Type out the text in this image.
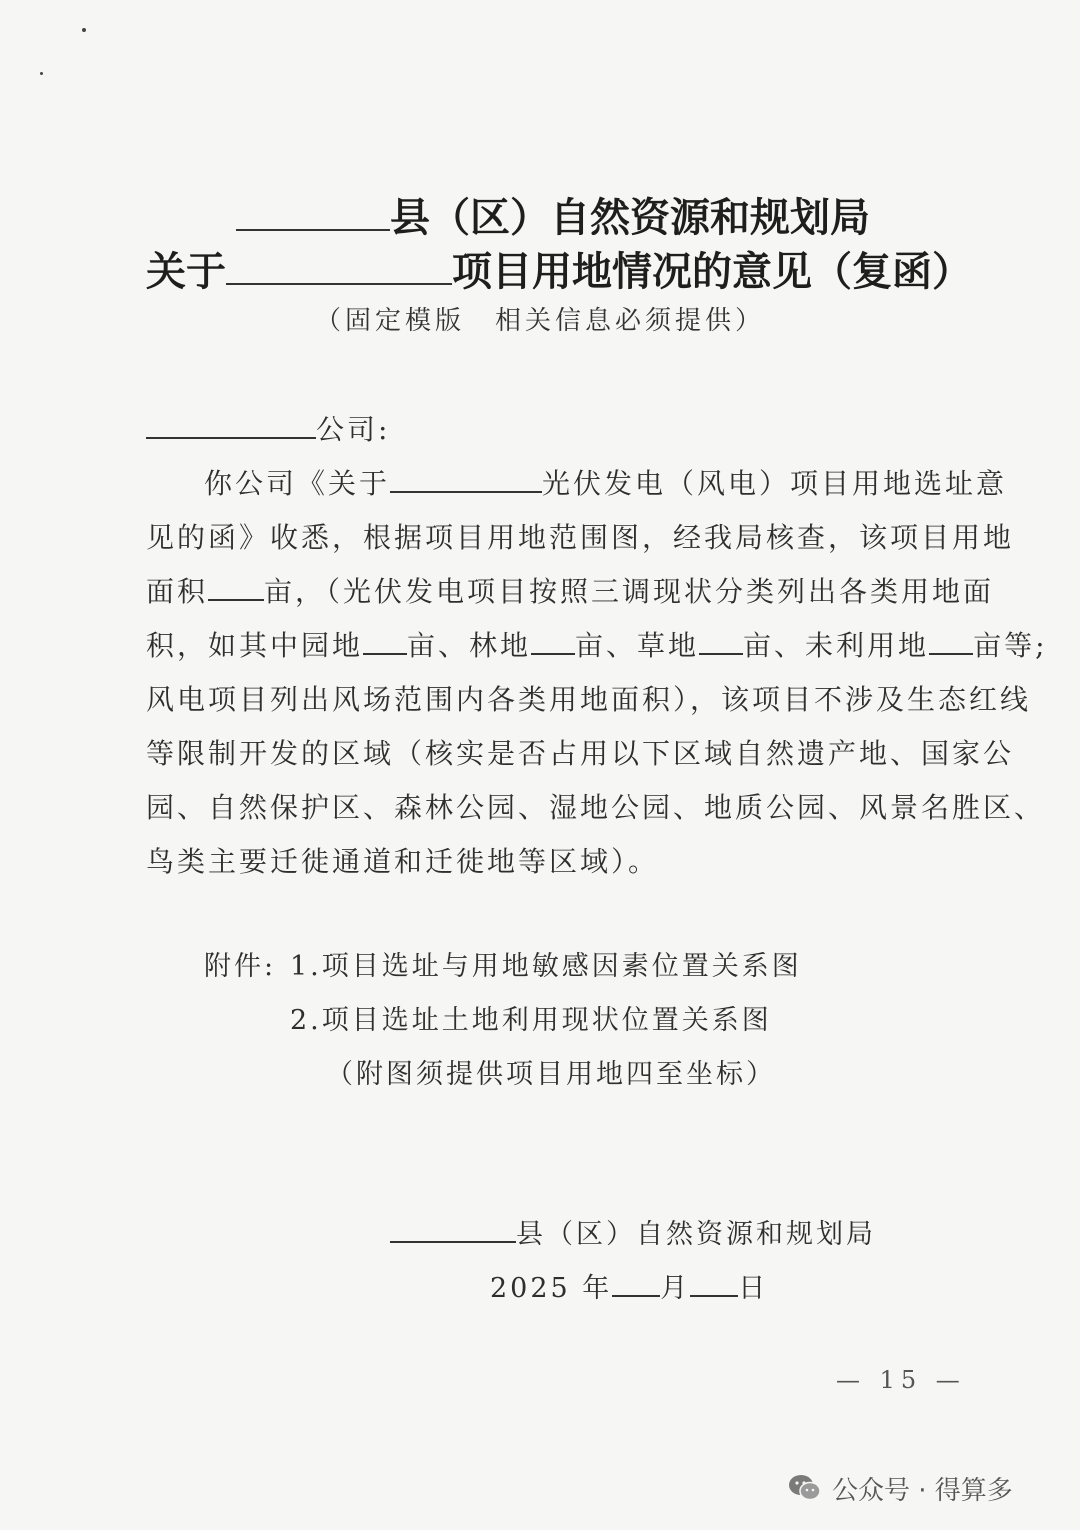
县（区）自然资源和规划局
关于	项目用地情况的意见（复函）
（固定模版　相关信息必须提供）
公司:
你公司《关于	光伏发电（风电）项目用地选址意
见的函》收悉，根据项目用地范围图，经我局核查，该项目用地
面积 亩，（光伏发电项目按照三调现状分类列出各类用地面
积，如其中园地 亩、林地 亩、草地 亩、未利用地 亩等;
风电项目列出风场范围内各类用地面积），该项目不涉及生态红线
等限制开发的区域（核实是否占用以下区域自然遗产地、国家公
园、自然保护区、森林公园、湿地公园、地质公园、风景名胜区、
鸟类主要迁徙通道和迁徙地等区域）。
附件: 1.项目选址与用地敏感因素位置关系图
2.项目选址土地利用现状位置关系图
（附图须提供项目用地四至坐标）
县（区）自然资源和规划局
2025 年 月 日
— 15 —
公众号 · 得算多
